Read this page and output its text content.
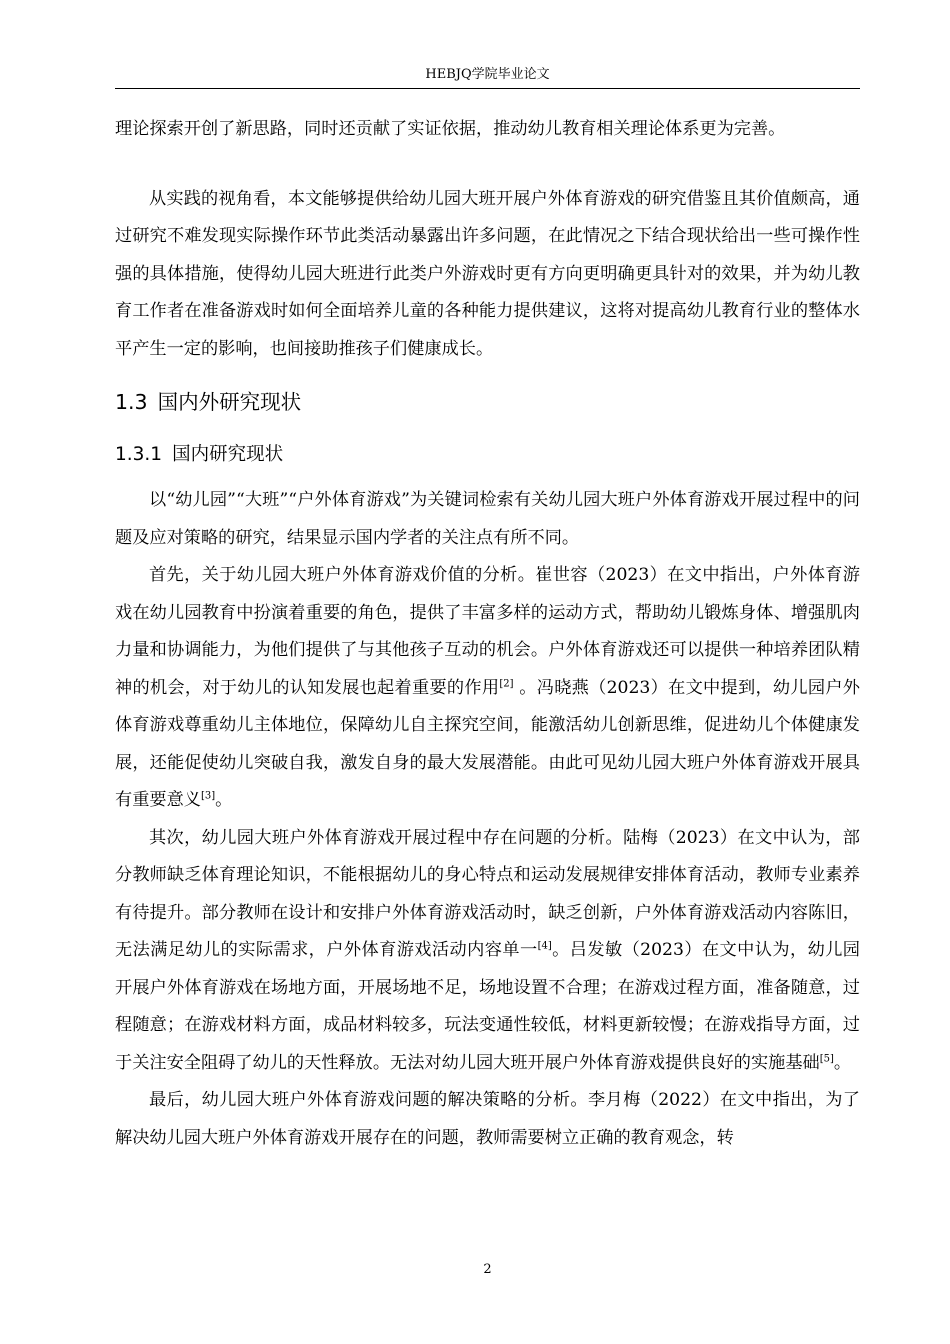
HEBJQ学院毕业论文

理论探索开创了新思路，同时还贡献了实证依据，推动幼儿教育相关理论体系更为完善。

从实践的视角看，本文能够提供给幼儿园大班开展户外体育游戏的研究借鉴且其价值颇高，通过研究不难发现实际操作环节此类活动暴露出许多问题，在此情况之下结合现状给出一些可操作性强的具体措施，使得幼儿园大班进行此类户外游戏时更有方向更明确更具针对的效果，并为幼儿教育工作者在准备游戏时如何全面培养儿童的各种能力提供建议，这将对提高幼儿教育行业的整体水平产生一定的影响，也间接助推孩子们健康成长。

1.3 国内外研究现状
1.3.1 国内研究现状

以“幼儿园”“大班”“户外体育游戏”为关键词检索有关幼儿园大班户外体育游戏开展过程中的问题及应对策略的研究，结果显示国内学者的关注点有所不同。

首先，关于幼儿园大班户外体育游戏价值的分析。崔世容（2023）在文中指出，户外体育游戏在幼儿园教育中扮演着重要的角色，提供了丰富多样的运动方式，帮助幼儿锻炼身体、增强肌肉力量和协调能力，为他们提供了与其他孩子互动的机会。户外体育游戏还可以提供一种培养团队精神的机会，对于幼儿的认知发展也起着重要的作用[2] 。冯晓燕（2023）在文中提到，幼儿园户外体育游戏尊重幼儿主体地位，保障幼儿自主探究空间，能激活幼儿创新思维，促进幼儿个体健康发展，还能促使幼儿突破自我，激发自身的最大发展潜能。由此可见幼儿园大班户外体育游戏开展具有重要意义[3]。

其次，幼儿园大班户外体育游戏开展过程中存在问题的分析。陆梅（2023）在文中认为，部分教师缺乏体育理论知识，不能根据幼儿的身心特点和运动发展规律安排体育活动，教师专业素养有待提升。部分教师在设计和安排户外体育游戏活动时，缺乏创新，户外体育游戏活动内容陈旧，无法满足幼儿的实际需求，户外体育游戏活动内容单一[4]。吕发敏（2023）在文中认为，幼儿园开展户外体育游戏在场地方面，开展场地不足，场地设置不合理；在游戏过程方面，准备随意，过程随意；在游戏材料方面，成品材料较多，玩法变通性较低，材料更新较慢；在游戏指导方面，过于关注安全阻碍了幼儿的天性释放。无法对幼儿园大班开展户外体育游戏提供良好的实施基础[5]。

最后，幼儿园大班户外体育游戏问题的解决策略的分析。李月梅（2022）在文中指出，为了解决幼儿园大班户外体育游戏开展存在的问题，教师需要树立正确的教育观念，转

2
